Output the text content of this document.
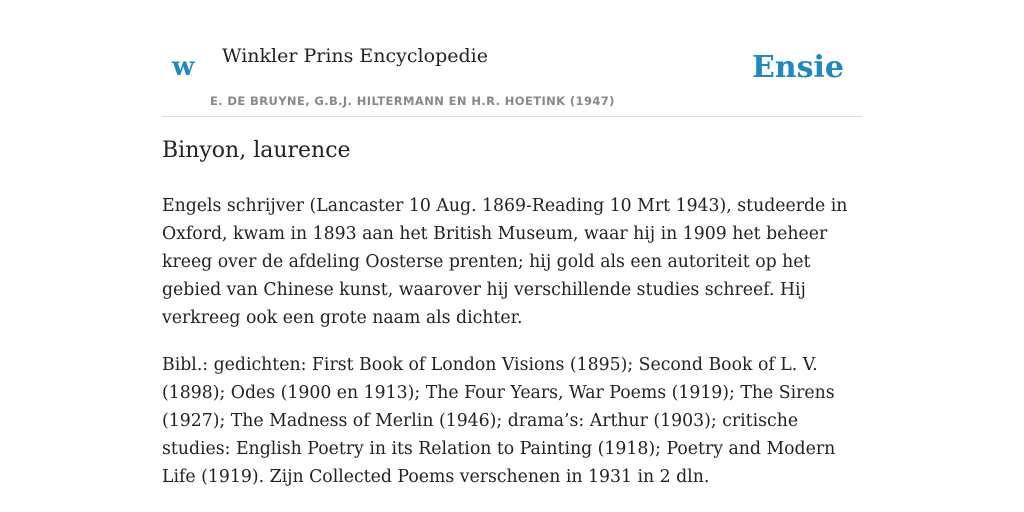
w Winkler Prins Encyclopedie
E. DE BRUYNE, G.B.J. HILTERMANN EN H.R. HOETINK (1947)
Ensie
Binyon, laurence

Engels schrijver (Lancaster 10 Aug. 1869-Reading 10 Mrt 1943), studeerde in Oxford, kwam in 1893 aan het British Museum, waar hij in 1909 het beheer kreeg over de afdeling Oosterse prenten; hij gold als een autoriteit op het gebied van Chinese kunst, waarover hij verschillende studies schreef. Hij verkreeg ook een grote naam als dichter.

Bibl.: gedichten: First Book of London Visions (1895); Second Book of L. V. (1898); Odes (1900 en 1913); The Four Years, War Poems (1919); The Sirens (1927); The Madness of Merlin (1946); drama’s: Arthur (1903); critische studies: English Poetry in its Relation to Painting (1918); Poetry and Modern Life (1919). Zijn Collected Poems verschenen in 1931 in 2 dln.
